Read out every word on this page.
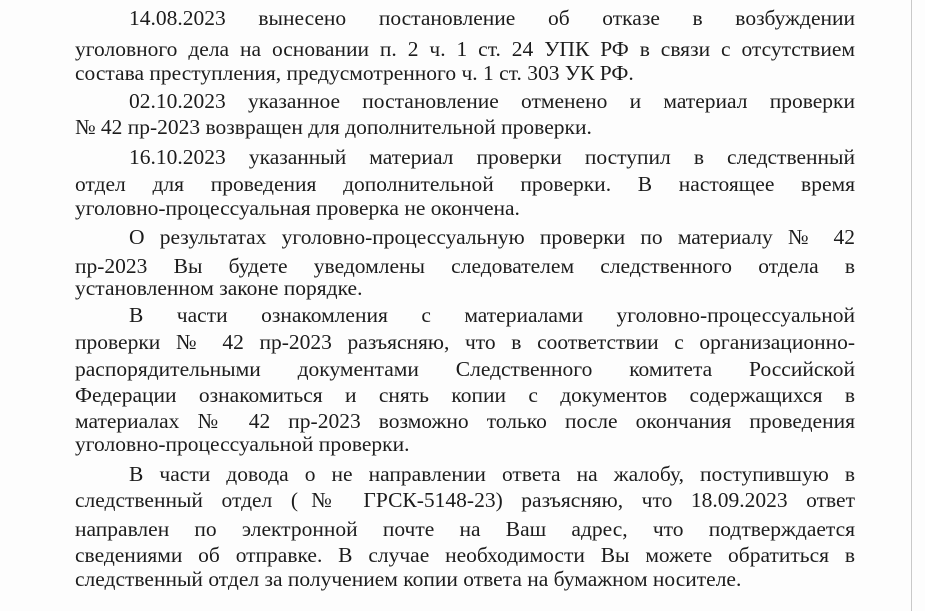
14.08.2023 вынесено постановление об отказе в возбуждении

уголовного дела на основании п. 2 ч. 1 ст. 24 УПК РФ в связи с отсутствием

состава преступления, предусмотренного ч. 1 ст. 303 УК РФ.

02.10.2023 указанное постановление отменено и материал проверки

№ 42 пр-2023 возвращен для дополнительной проверки.

16.10.2023 указанный материал проверки поступил в следственный

отдел для проведения дополнительной проверки. В настоящее время

уголовно-процессуальная проверка не окончена.

О результатах уголовно-процессуальную проверки по материалу № 42

пр-2023 Вы будете уведомлены следователем следственного отдела в

установленном законе порядке.

В части ознакомления с материалами уголовно-процессуальной

проверки № 42 пр-2023 разъясняю, что в соответствии с организационно-

распорядительными документами Следственного комитета Российской

Федерации ознакомиться и снять копии с документов содержащихся в

материалах № 42 пр-2023 возможно только после окончания проведения

уголовно-процессуальной проверки.

В части довода о не направлении ответа на жалобу, поступившую в

следственный отдел (№ ГРСК-5148-23) разъясняю, что 18.09.2023 ответ

направлен по электронной почте на Ваш адрес, что подтверждается

сведениями об отправке. В случае необходимости Вы можете обратиться в

следственный отдел за получением копии ответа на бумажном носителе.
